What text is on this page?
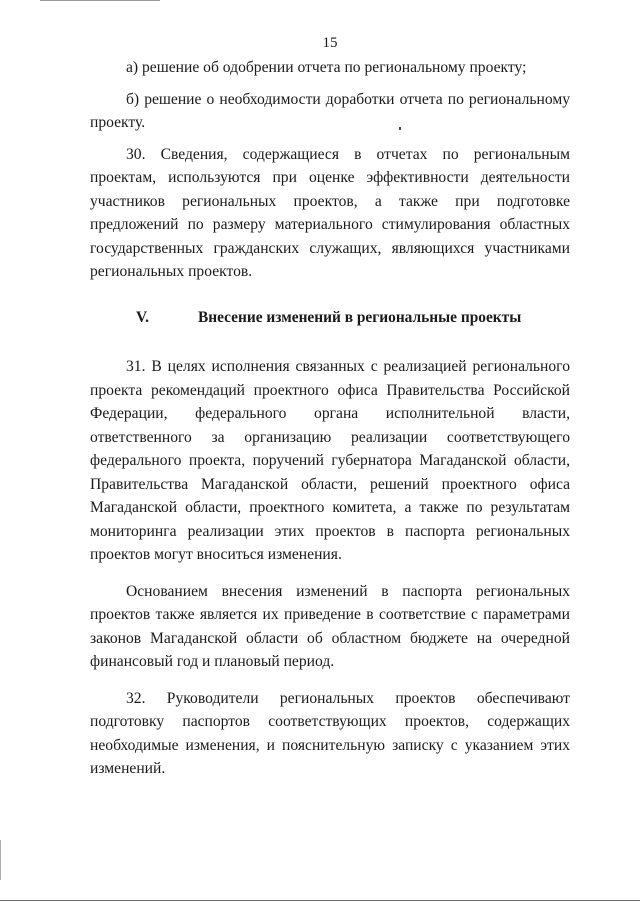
15

а) решение об одобрении отчета по региональному проекту;

б) решение о необходимости доработки отчета по региональному проекту.

30. Сведения, содержащиеся в отчетах по региональным проектам, используются при оценке эффективности деятельности участников региональных проектов, а также при подготовке предложений по размеру материального стимулирования областных государственных гражданских служащих, являющихся участниками региональных проектов.

V.	Внесение изменений в региональные проекты

31. В целях исполнения связанных с реализацией регионального проекта рекомендаций проектного офиса Правительства Российской Федерации, федерального органа исполнительной власти, ответственного за организацию реализации соответствующего федерального проекта, поручений губернатора Магаданской области, Правительства Магаданской области, решений проектного офиса Магаданской области, проектного комитета, а также по результатам мониторинга реализации этих проектов в паспорта региональных проектов могут вноситься изменения.

Основанием внесения изменений в паспорта региональных проектов также является их приведение в соответствие с параметрами законов Магаданской области об областном бюджете на очередной финансовый год и плановый период.

32. Руководители региональных проектов обеспечивают подготовку паспортов соответствующих проектов, содержащих необходимые изменения, и пояснительную записку с указанием этих изменений.
